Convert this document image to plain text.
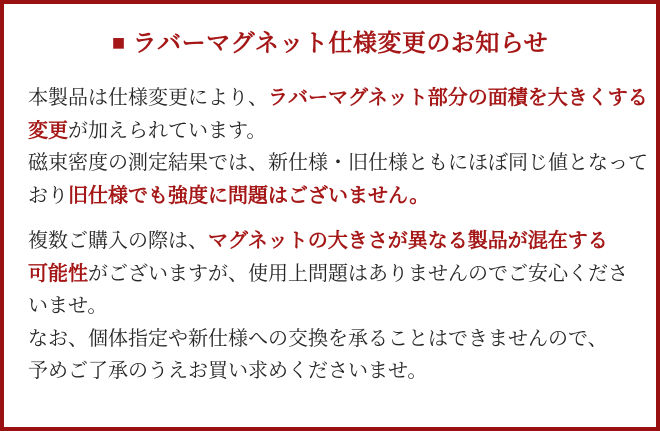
■ ラバーマグネット仕様変更のお知らせ
本製品は仕様変更により、ラバーマグネット部分の面積を大きくする
変更が加えられています。
磁束密度の測定結果では、新仕様・旧仕様ともにほぼ同じ値となって
おり旧仕様でも強度に問題はございません。
複数ご購入の際は、マグネットの大きさが異なる製品が混在する
可能性がございますが、使用上問題はありませんのでご安心くださ
いませ。
なお、個体指定や新仕様への交換を承ることはできませんので、
予めご了承のうえお買い求めくださいませ。
